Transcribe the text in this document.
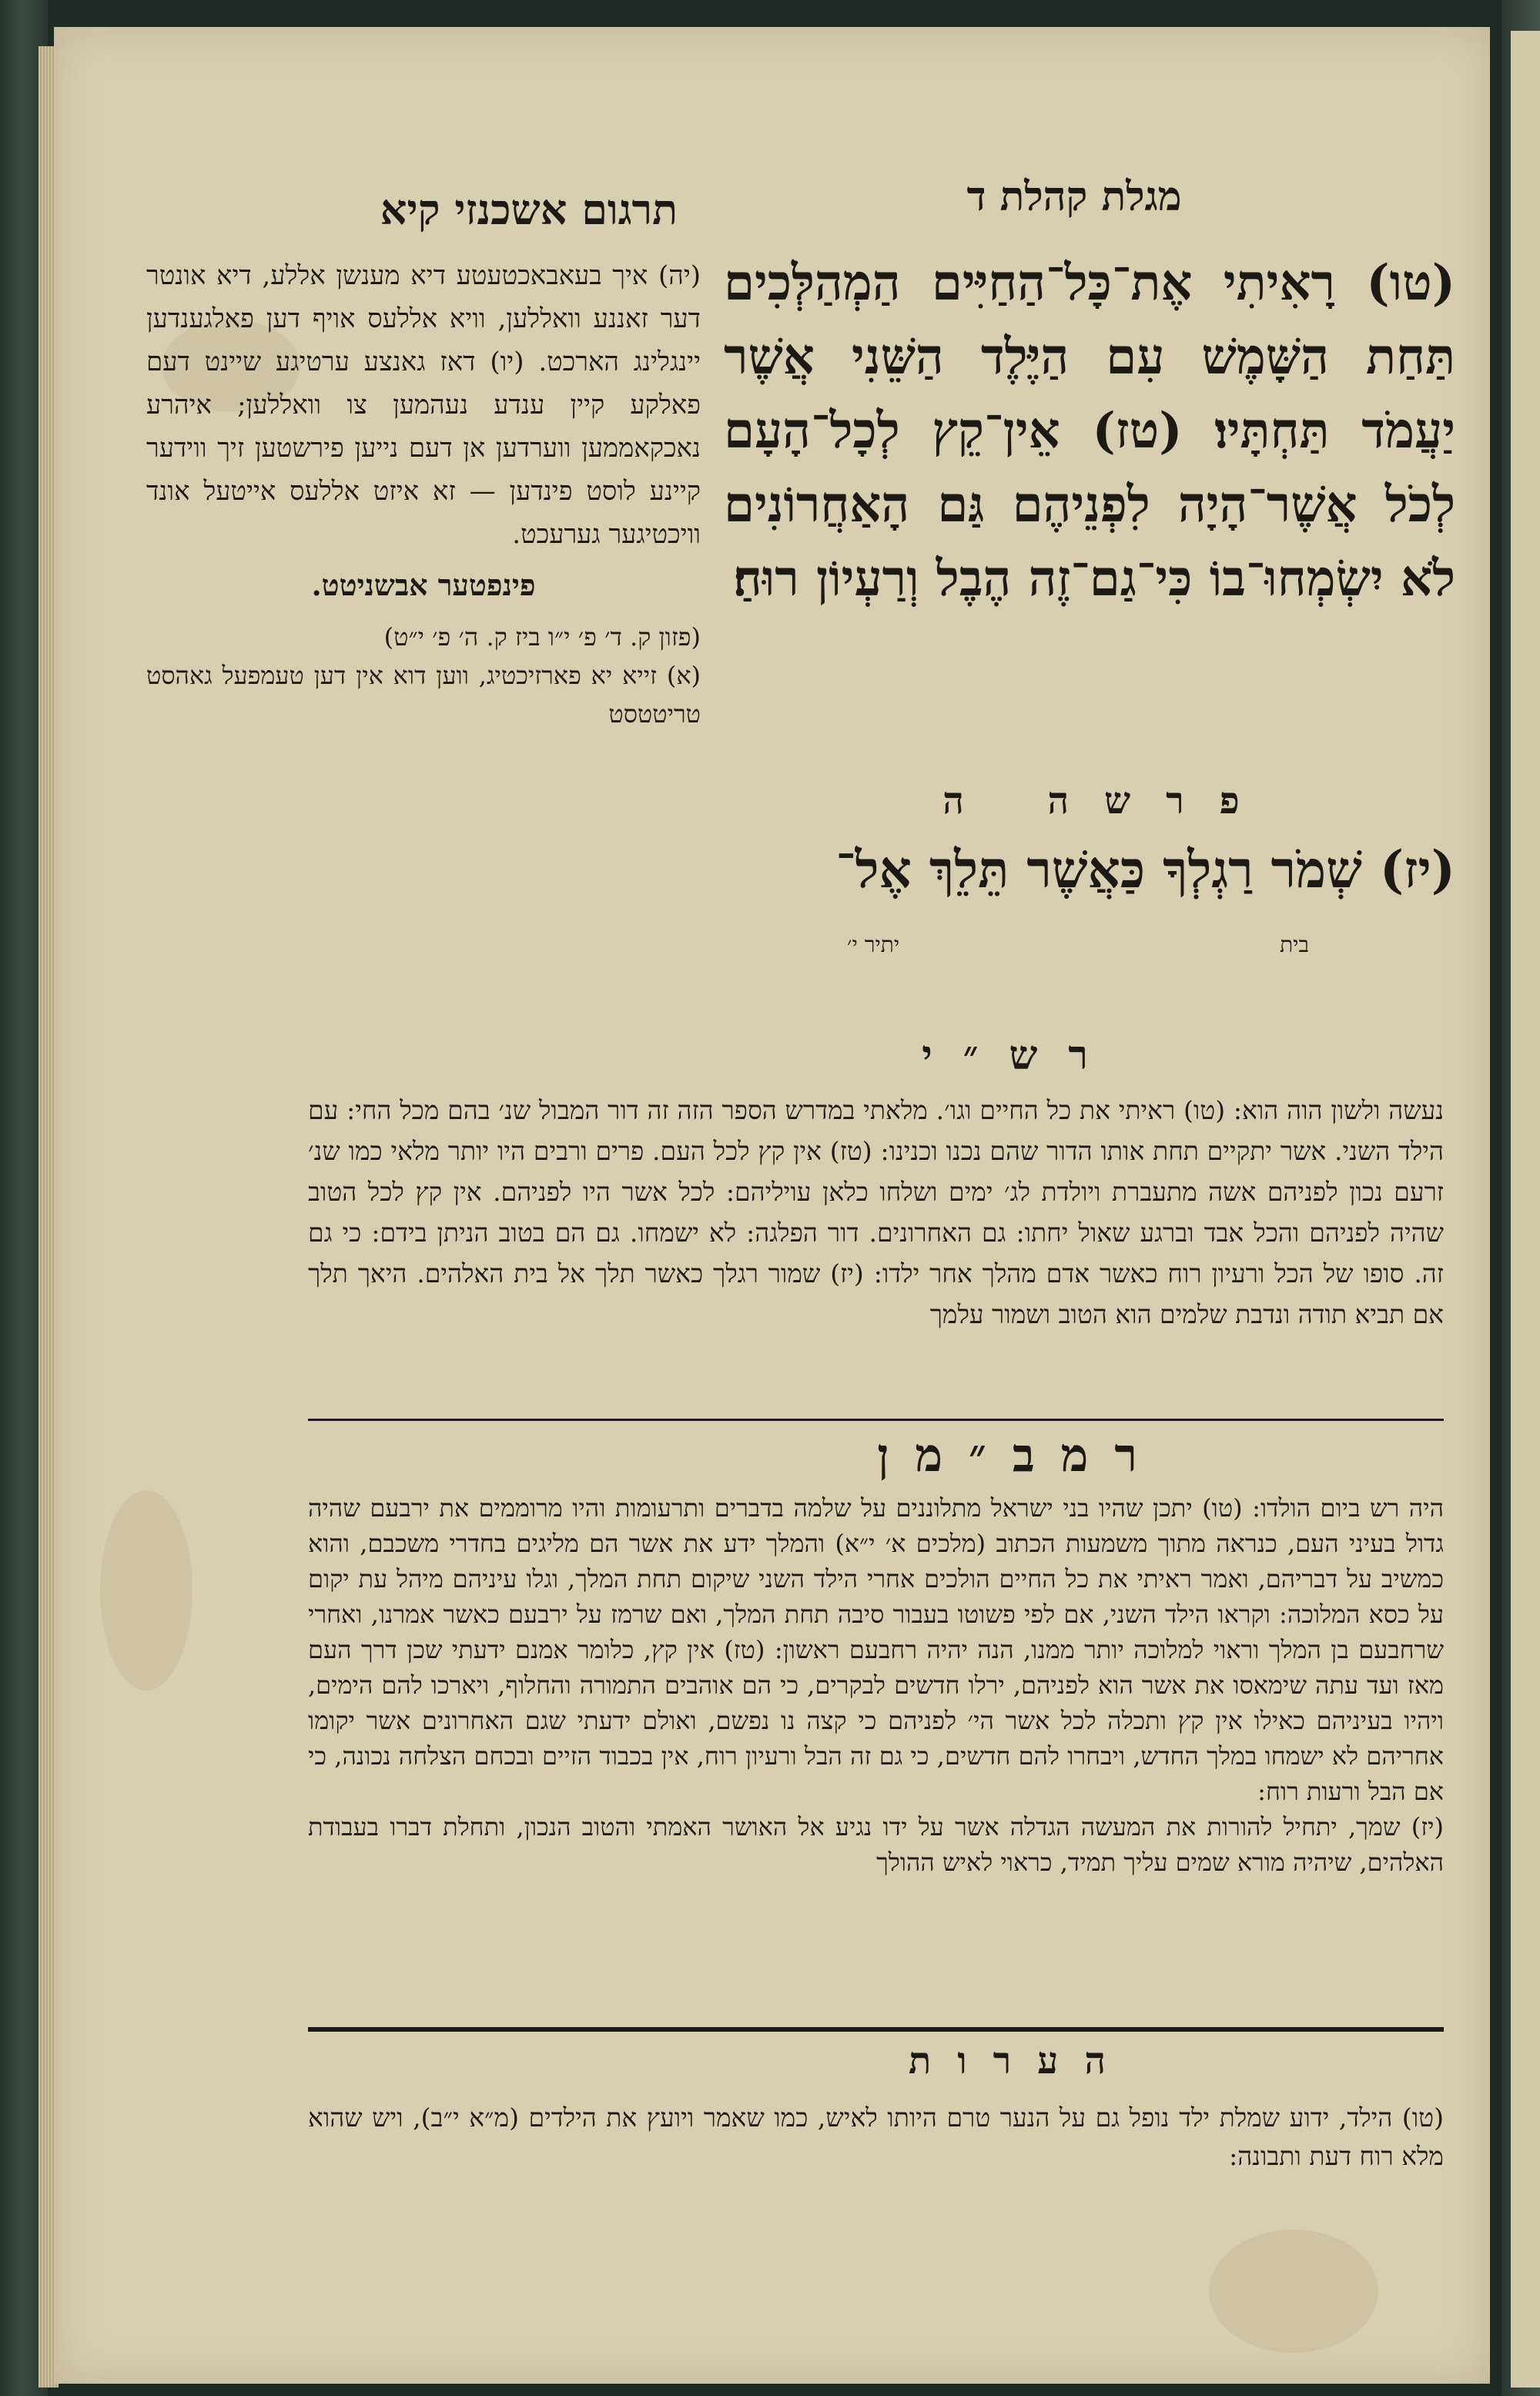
תרגום אשכנזי קיא	מגלת קהלת ד

(יה) איך בעאבאכטעטע דיא מענשן אללע, דיא אונטר דער זאננע וואללען, וויא אללעס אויף דען פאלגענדען יינגלינג הארכט. (יו) דאז גאנצע ערטיגע שיינט דעם פאלקע קיין ענדע נעהמען צו וואללען; איהרע נאכקאממען ווערדען אן דעם נייען פירשטען זיך ווידער קיינע לוסט פינדען — זא איזט אללעס אייטעל אונד וויכטיגער גערעכט.

פינפטער אבשניטט.

(פזון ק. ד׳ פ׳ י״ו ביז ק. ה׳ פ׳ י״ט)

(א) זייא יא פארזיכטיג, ווען דוא אין דען טעמפעל גאהסט טריטטסט

(טו) רָאִיתִי אֶת־כָּל־הַחַיִּים הַמְהַלְּכִים תַּחַת הַשָּׁמֶשׁ עִם הַיֶּלֶד הַשֵּׁנִי אֲשֶׁר יַעֲמֹד תַּחְתָּיו׃ (טז) אֵין־קֵץ לְכָל־הָעָם לְכֹל אֲשֶׁר־הָיָה לִפְנֵיהֶם גַּם הָאַחֲרוֹנִים לֹא יִשְׂמְחוּ־בוֹ כִּי־גַם־זֶה הֶבֶל וְרַעְיוֹן רוּחַ׃
פרשה ה
(יז) שְׁמֹר רַגְלְךָ כַּאֲשֶׁר תֵּלֵךְ אֶל־
בית
יתיר י׳
רש״י
נעשה ולשון הוה הוא: (טו) ראיתי את כל החיים וגו׳. מלאתי במדרש הספר הזה זה דור המבול שנ׳ בהם מכל החי: עם הילד השני. אשר יתקיים תחת אותו הדור שהם נכנו וכנינו: (טז) אין קץ לכל העם. פרים ורבים היו יותר מלאי כמו שנ׳ זרעם נכון לפניהם אשה מתעברת ויולדת לג׳ ימים ושלחו כלאן עויליהם: לכל אשר היו לפניהם. אין קץ לכל הטוב שהיה לפניהם והכל אבד וברגע שאול יחתו: גם האחרונים. דור הפלגה: לא ישמחו. גם הם בטוב הניתן בידם: כי גם זה. סופו של הכל ורעיון רוח כאשר אדם מהלך אחר ילדו: (יז) שמור רגלך כאשר תלך אל בית האלהים. היאך תלך אם תביא תודה ונדבת שלמים הוא הטוב ושמור עלמך
רמב״מן

היה רש ביום הולדו: (טו) יתכן שהיו בני ישראל מתלוננים על שלמה בדברים ותרעומות והיו מרוממים את ירבעם שהיה גדול בעיני העם, כנראה מתוך משמעות הכתוב (מלכים א׳ י״א) והמלך ידע את אשר הם מליגים בחדרי משכבם, והוא כמשיב על דבריהם, ואמר ראיתי את כל החיים הולכים אחרי הילד השני שיקום תחת המלך, וגלו עיניהם מיהל עת יקום על כסא המלוכה: וקראו הילד השני, אם לפי פשוטו בעבור סיבה תחת המלך, ואם שרמז על ירבעם כאשר אמרנו, ואחרי שרחבעם בן המלך וראוי למלוכה יותר ממנו, הנה יהיה רחבעם ראשון: (טז) אין קץ, כלומר אמנם ידעתי שכן דרך העם מאז ועד עתה שימאסו את אשר הוא לפניהם, ירלו חדשים לבקרים, כי הם אוהבים התמורה והחלוף, ויארכו להם הימים, ויהיו בעיניהם כאילו אין קץ ותכלה לכל אשר הי׳ לפניהם כי קצה נו נפשם, ואולם ידעתי שגם האחרונים אשר יקומו אחריהם לא ישמחו במלך החדש, ויבחרו להם חדשים, כי גם זה הבל ורעיון רוח, אין בכבוד הזיים ובכחם הצלחה נכונה, כי אם הבל ורעות רוח:

(יז) שמך, יתחיל להורות את המעשה הגדלה אשר על ידו נגיע אל האושר האמתי והטוב הנכון, ותחלת דברו בעבודת האלהים, שיהיה מורא שמים עליך תמיד, כראוי לאיש ההולך

הערות
(טו) הילד, ידוע שמלת ילד נופל גם על הנער טרם היותו לאיש, כמו שאמר ויועץ את הילדים (מ״א י״ב), ויש שהוא מלא רוח דעת ותבונה:
